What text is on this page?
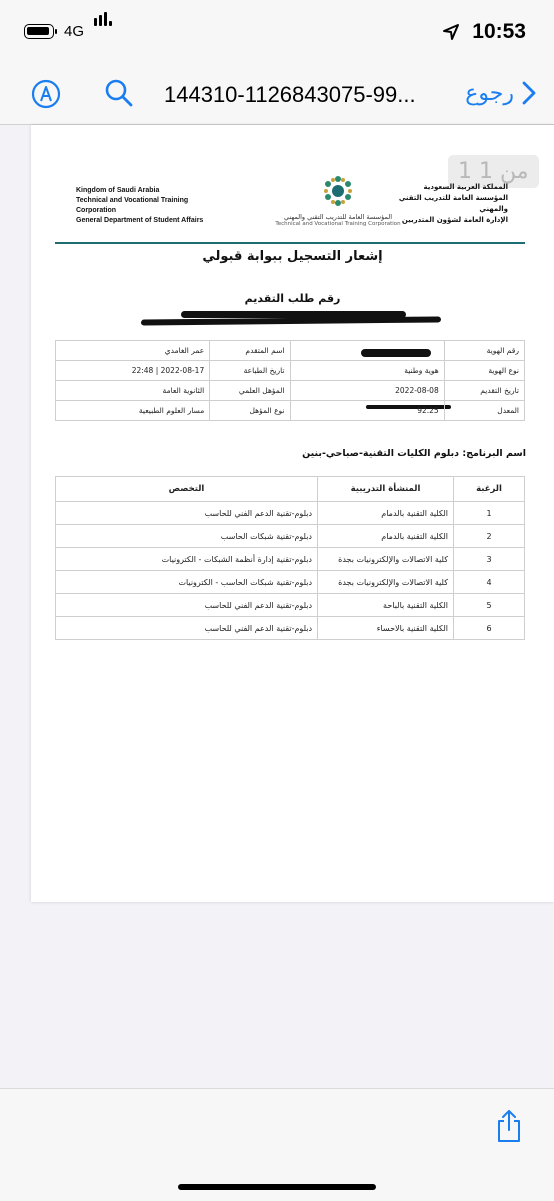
4G	10:53
144310-1126843075-99... رجوع
1 من 1
Kingdom of Saudi Arabia
Technical and Vocational Training
Corporation
General Department of Student Affairs	المؤسسة العامة للتدريب التقني والمهني
Technical and Vocational Training Corporation
المملكة العربية السعودية
المؤسسة العامة للتدريب التقني
والمهني
الإدارة العامة لشؤون المتدربين
إشعار التسجيل ببوابة قبولي
رقم طلب التقديم
رقم الهوية		اسم المتقدم	عمر الغامدي
نوع الهوية	هوية وطنية	تاريخ الطباعة	2022-08-17 | 22:48
تاريخ التقديم	2022-08-08	المؤهل العلمي	الثانوية العامة
المعدل	92.25	نوع المؤهل	مسار العلوم الطبيعية
اسم البرنامج: دبلوم الكليات التقنية-صباحي-بنين
الرغبة	المنشأة التدريبية	التخصص
1	الكلية التقنية بالدمام	دبلوم-تقنية الدعم الفني للحاسب
2	الكلية التقنية بالدمام	دبلوم-تقنية شبكات الحاسب
3	كلية الاتصالات والإلكترونيات بجدة	دبلوم-تقنية إدارة أنظمة الشبكات - الكترونيات
4	كلية الاتصالات والإلكترونيات بجدة	دبلوم-تقنية شبكات الحاسب - الكترونيات
5	الكلية التقنية بالباحة	دبلوم-تقنية الدعم الفني للحاسب
6	الكلية التقنية بالاحساء	دبلوم-تقنية الدعم الفني للحاسب
